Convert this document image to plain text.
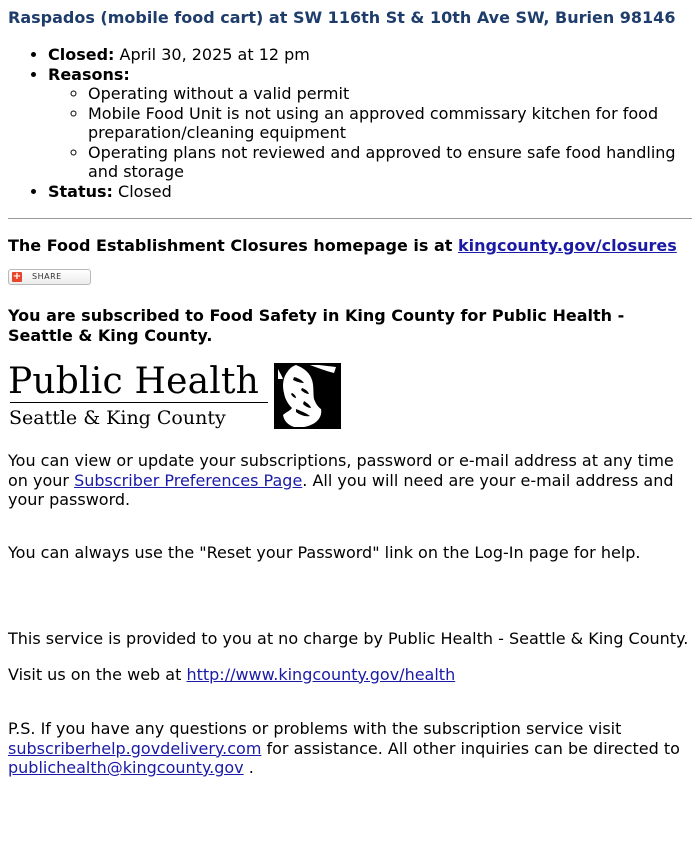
Raspados (mobile food cart) at SW 116th St & 10th Ave SW, Burien 98146
• Closed: April 30, 2025 at 12 pm
• Reasons:
◦ Operating without a valid permit
◦ Mobile Food Unit is not using an approved commissary kitchen for food preparation/cleaning equipment
◦ Operating plans not reviewed and approved to ensure safe food handling and storage
• Status: Closed
The Food Establishment Closures homepage is at kingcounty.gov/closures
+ SHARE
You are subscribed to Food Safety in King County for Public Health - Seattle & King County.
Public Health
Seattle & King County

You can view or update your subscriptions, password or e-mail address at any time on your Subscriber Preferences Page. All you will need are your e-mail address and your password.

You can always use the "Reset your Password" link on the Log-In page for help.

This service is provided to you at no charge by Public Health - Seattle & King County.

Visit us on the web at http://www.kingcounty.gov/health

P.S. If you have any questions or problems with the subscription service visit subscriberhelp.govdelivery.com for assistance. All other inquiries can be directed to publichealth@kingcounty.gov .
